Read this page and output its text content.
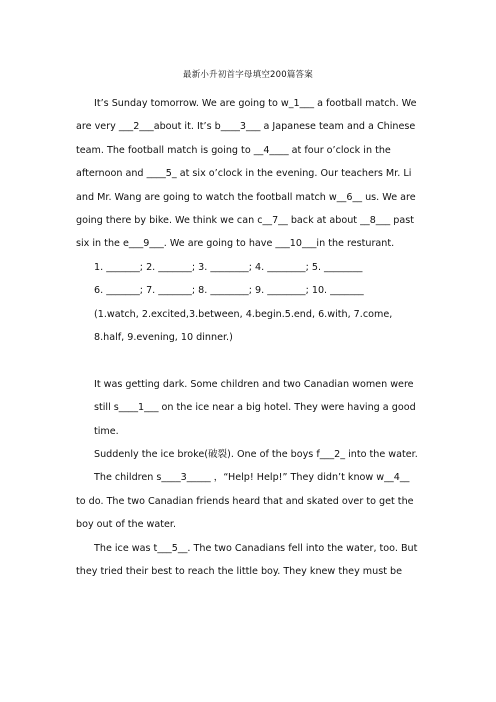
最新小升初首字母填空200篇答案

It’s Sunday tomorrow. We are going to w_1___ a football match. We are very ___2___about it. It’s b____3___ a Japanese team and a Chinese team. The football match is going to __4____ at four o’clock in the afternoon and ____5_ at six o’clock in the evening. Our teachers Mr. Li and Mr. Wang are going to watch the football match w__6__ us. We are going there by bike. We think we can c__7__ back at about __8___ past six in the e___9___. We are going to have ___10___in the resturant.

1. _______; 2. _______; 3. ________; 4. ________; 5. ________

6. _______; 7. _______; 8. ________; 9. ________; 10. _______

(1.watch, 2.excited,3.between, 4.begin.5.end, 6.with, 7.come, 8.half, 9.evening, 10 dinner.)

It was getting dark. Some children and two Canadian women were

still s____1___ on the ice near a big hotel. They were having a good time.

Suddenly the ice broke(破裂). One of the boys f___2_ into the water.

The children s____3_____ ，“Help! Help!” They didn’t know w__4__ to do. The two Canadian friends heard that and skated over to get the boy out of the water.

The ice was t___5__. The two Canadians fell into the water, too. But they tried their best to reach the little boy. They knew they must be
